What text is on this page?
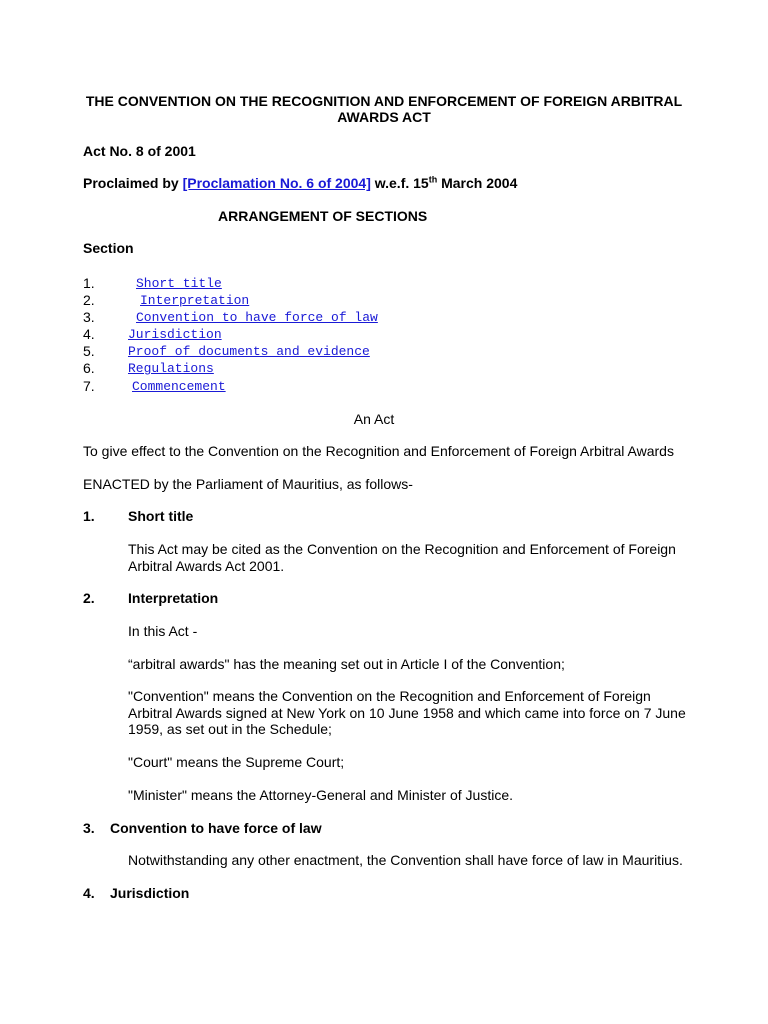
THE CONVENTION ON THE RECOGNITION AND ENFORCEMENT OF FOREIGN ARBITRAL
AWARDS ACT
Act No. 8 of 2001
Proclaimed by [Proclamation No. 6 of 2004] w.e.f. 15th March 2004
ARRANGEMENT OF SECTIONS
Section
1.	Short title
2.	Interpretation
3.	Convention to have force of law
4.	Jurisdiction
5.	Proof of documents and evidence
6.	Regulations
7.	Commencement
An Act
To give effect to the Convention on the Recognition and Enforcement of Foreign Arbitral Awards
ENACTED by the Parliament of Mauritius, as follows-
1. Short title
This Act may be cited as the Convention on the Recognition and Enforcement of Foreign Arbitral Awards Act 2001.
2. Interpretation
In this Act -
“arbitral awards" has the meaning set out in Article I of the Convention;
"Convention" means the Convention on the Recognition and Enforcement of Foreign Arbitral Awards signed at New York on 10 June 1958 and which came into force on 7 June 1959, as set out in the Schedule;
"Court" means the Supreme Court;
"Minister" means the Attorney-General and Minister of Justice.
3. Convention to have force of law
Notwithstanding any other enactment, the Convention shall have force of law in Mauritius.
4. Jurisdiction
